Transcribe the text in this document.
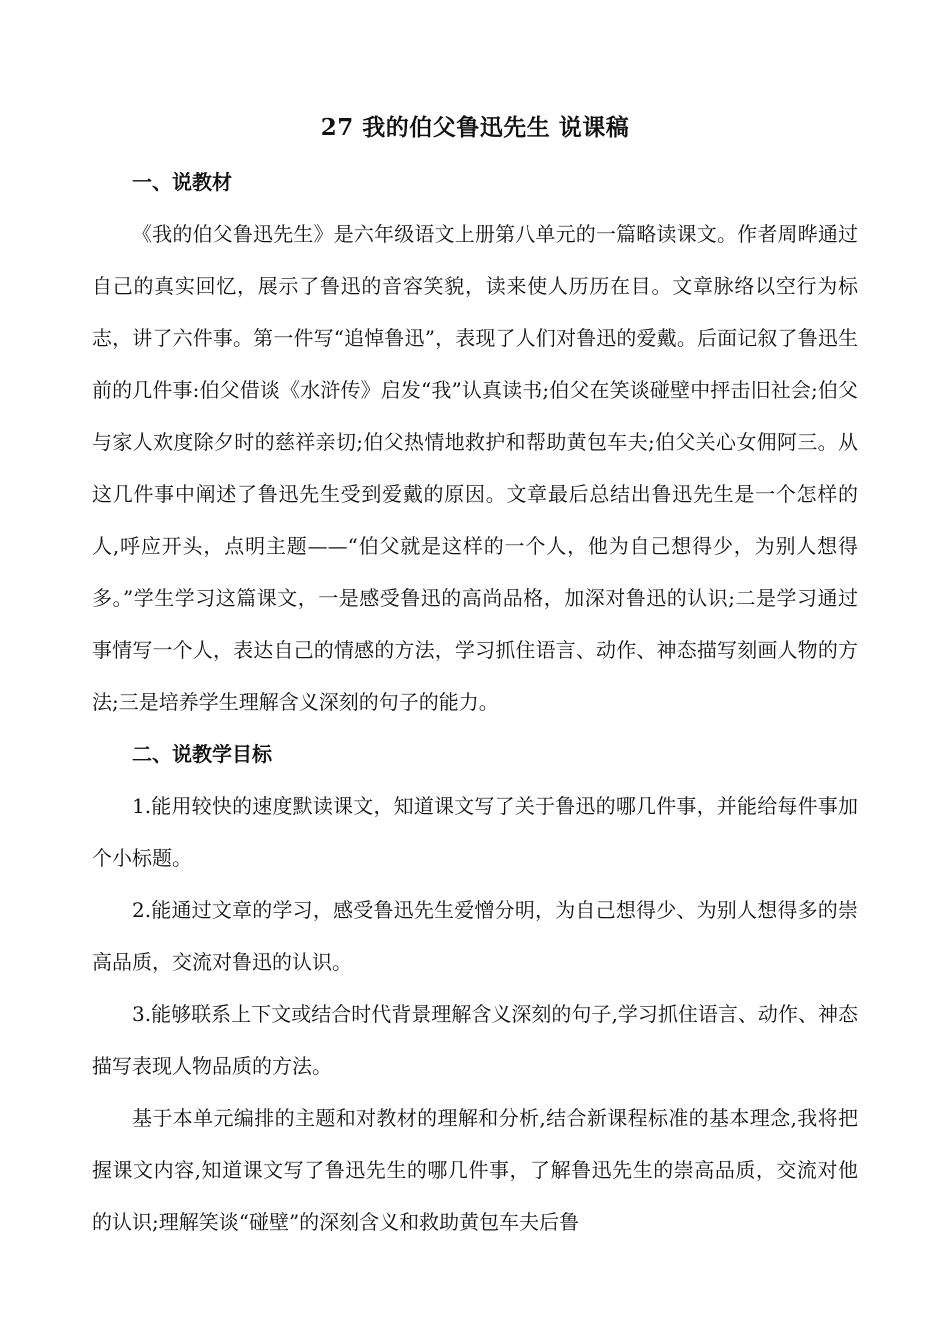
27 我的伯父鲁迅先生 说课稿
一、说教材

《我的伯父鲁迅先生》是六年级语文上册第八单元的一篇略读课文。作者周晔通过自己的真实回忆，展示了鲁迅的音容笑貌，读来使人历历在目。文章脉络以空行为标志，讲了六件事。第一件写“追悼鲁迅”，表现了人们对鲁迅的爱戴。后面记叙了鲁迅生前的几件事:伯父借谈《水浒传》启发“我”认真读书;伯父在笑谈碰壁中抨击旧社会;伯父与家人欢度除夕时的慈祥亲切;伯父热情地救护和帮助黄包车夫;伯父关心女佣阿三。从这几件事中阐述了鲁迅先生受到爱戴的原因。文章最后总结出鲁迅先生是一个怎样的人,呼应开头，点明主题——“伯父就是这样的一个人，他为自己想得少，为别人想得多。”学生学习这篇课文，一是感受鲁迅的高尚品格，加深对鲁迅的认识;二是学习通过事情写一个人，表达自己的情感的方法，学习抓住语言、动作、神态描写刻画人物的方法;三是培养学生理解含义深刻的句子的能力。

二、说教学目标

1.能用较快的速度默读课文，知道课文写了关于鲁迅的哪几件事，并能给每件事加个小标题。

2.能通过文章的学习，感受鲁迅先生爱憎分明，为自己想得少、为别人想得多的崇高品质，交流对鲁迅的认识。

3.能够联系上下文或结合时代背景理解含义深刻的句子,学习抓住语言、动作、神态描写表现人物品质的方法。

基于本单元编排的主题和对教材的理解和分析,结合新课程标准的基本理念,我将把握课文内容,知道课文写了鲁迅先生的哪几件事，了解鲁迅先生的崇高品质，交流对他的认识;理解笑谈“碰壁”的深刻含义和救助黄包车夫后鲁
